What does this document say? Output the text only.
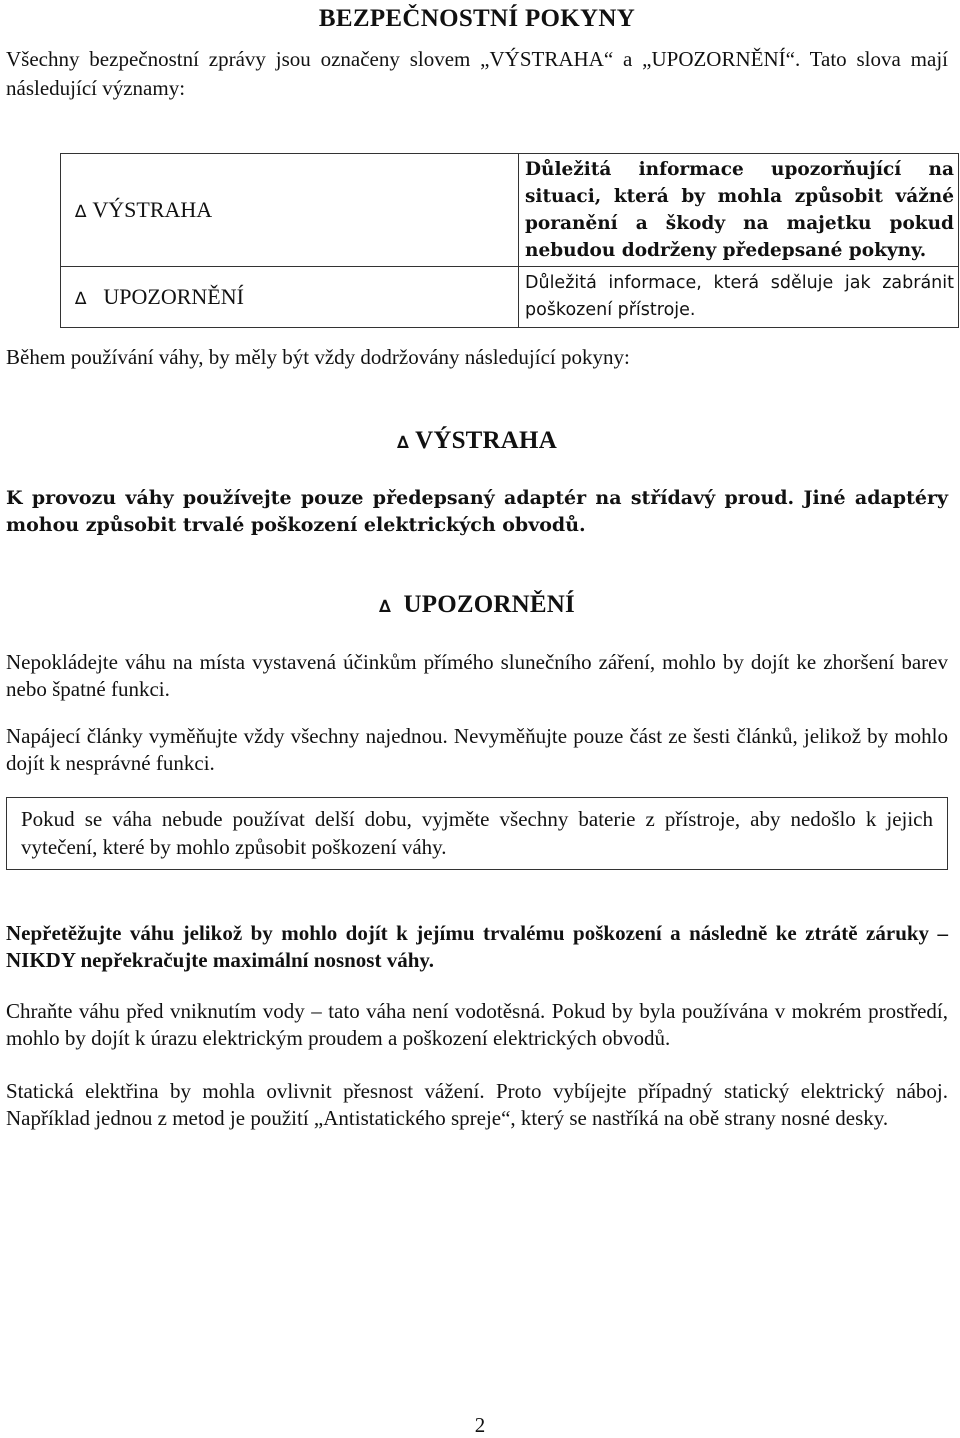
BEZPEČNOSTNÍ POKYNY

Všechny bezpečnostní zprávy jsou označeny slovem „VÝSTRAHA“ a „UPOZORNĚNÍ“. Tato slova mají následující významy:

∆ VÝSTRAHA	Důležitá informace upozorňující na situaci, která by mohla způsobit vážné poranění a škody na majetku pokud nebudou dodrženy předepsané pokyny.
∆ UPOZORNĚNÍ	Důležitá informace, která sděluje jak zabránit poškození přístroje.

Během používání váhy, by měly být vždy dodržovány následující pokyny:

∆ VÝSTRAHA

K provozu váhy používejte pouze předepsaný adaptér na střídavý proud. Jiné adaptéry mohou způsobit trvalé poškození elektrických obvodů.

∆ UPOZORNĚNÍ

Nepokládejte váhu na místa vystavená účinkům přímého slunečního záření, mohlo by dojít ke zhoršení barev nebo špatné funkci.

Napájecí články vyměňujte vždy všechny najednou. Nevyměňujte pouze část ze šesti článků, jelikož by mohlo dojít k nesprávné funkci.

Pokud se váha nebude používat delší dobu, vyjměte všechny baterie z přístroje, aby nedošlo k jejich vytečení, které by mohlo způsobit poškození váhy.

Nepřetěžujte váhu jelikož by mohlo dojít k jejímu trvalému poškození a následně ke ztrátě záruky – NIKDY nepřekračujte maximální nosnost váhy.

Chraňte váhu před vniknutím vody – tato váha není vodotěsná. Pokud by byla používána v mokrém prostředí, mohlo by dojít k úrazu elektrickým proudem a poškození elektrických obvodů.

Statická elektřina by mohla ovlivnit přesnost vážení. Proto vybíjejte případný statický elektrický náboj. Například jednou z metod je použití „Antistatického spreje“, který se nastříká na obě strany nosné desky.

2
